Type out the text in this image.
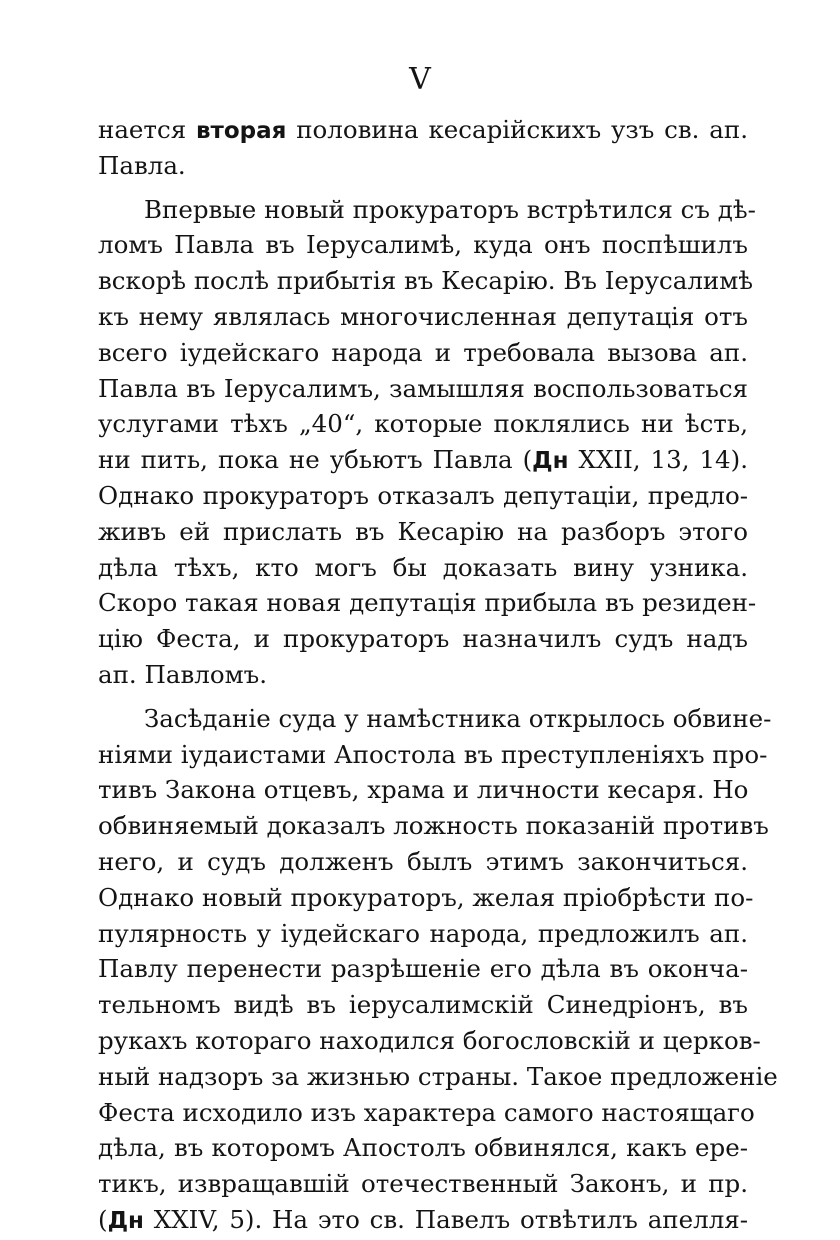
V
нается вторая половина кесарійскихъ узъ св. ап.
Павла.
Впервые новый прокураторъ встрѣтился съ дѣ-
ломъ Павла въ Іерусалимѣ, куда онъ поспѣшилъ
вскорѣ послѣ прибытія въ Кесарію. Въ Іерусалимѣ
къ нему являлась многочисленная депутація отъ
всего іудейскаго народа и требовала вызова ап.
Павла въ Іерусалимъ, замышляя воспользоваться
услугами тѣхъ „40“, которые поклялись ни ѣсть,
ни пить, пока не убьютъ Павла (Дн XXII, 13, 14).
Однако прокураторъ отказалъ депутаціи, предло-
живъ ей прислать въ Кесарію на разборъ этого
дѣла тѣхъ, кто могъ бы доказать вину узника.
Скоро такая новая депутація прибыла въ резиден-
цію Феста, и прокураторъ назначилъ судъ надъ
ап. Павломъ.
Засѣданіе суда у намѣстника открылось обвине-
ніями іудаистами Апостола въ преступленіяхъ про-
тивъ Закона отцевъ, храма и личности кесаря. Но
обвиняемый доказалъ ложность показаній противъ
него, и судъ долженъ былъ этимъ закончиться.
Однако новый прокураторъ, желая пріобрѣсти по-
пулярность у іудейскаго народа, предложилъ ап.
Павлу перенести разрѣшеніе его дѣла въ оконча-
тельномъ видѣ въ іерусалимскій Синедріонъ, въ
рукахъ котораго находился богословскій и церков-
ный надзоръ за жизнью страны. Такое предложеніе
Феста исходило изъ характера самого настоящаго
дѣла, въ которомъ Апостолъ обвинялся, какъ ере-
тикъ, извращавшій отечественный Законъ, и пр.
(Дн XXIV, 5). На это св. Павелъ отвѣтилъ апелля-
